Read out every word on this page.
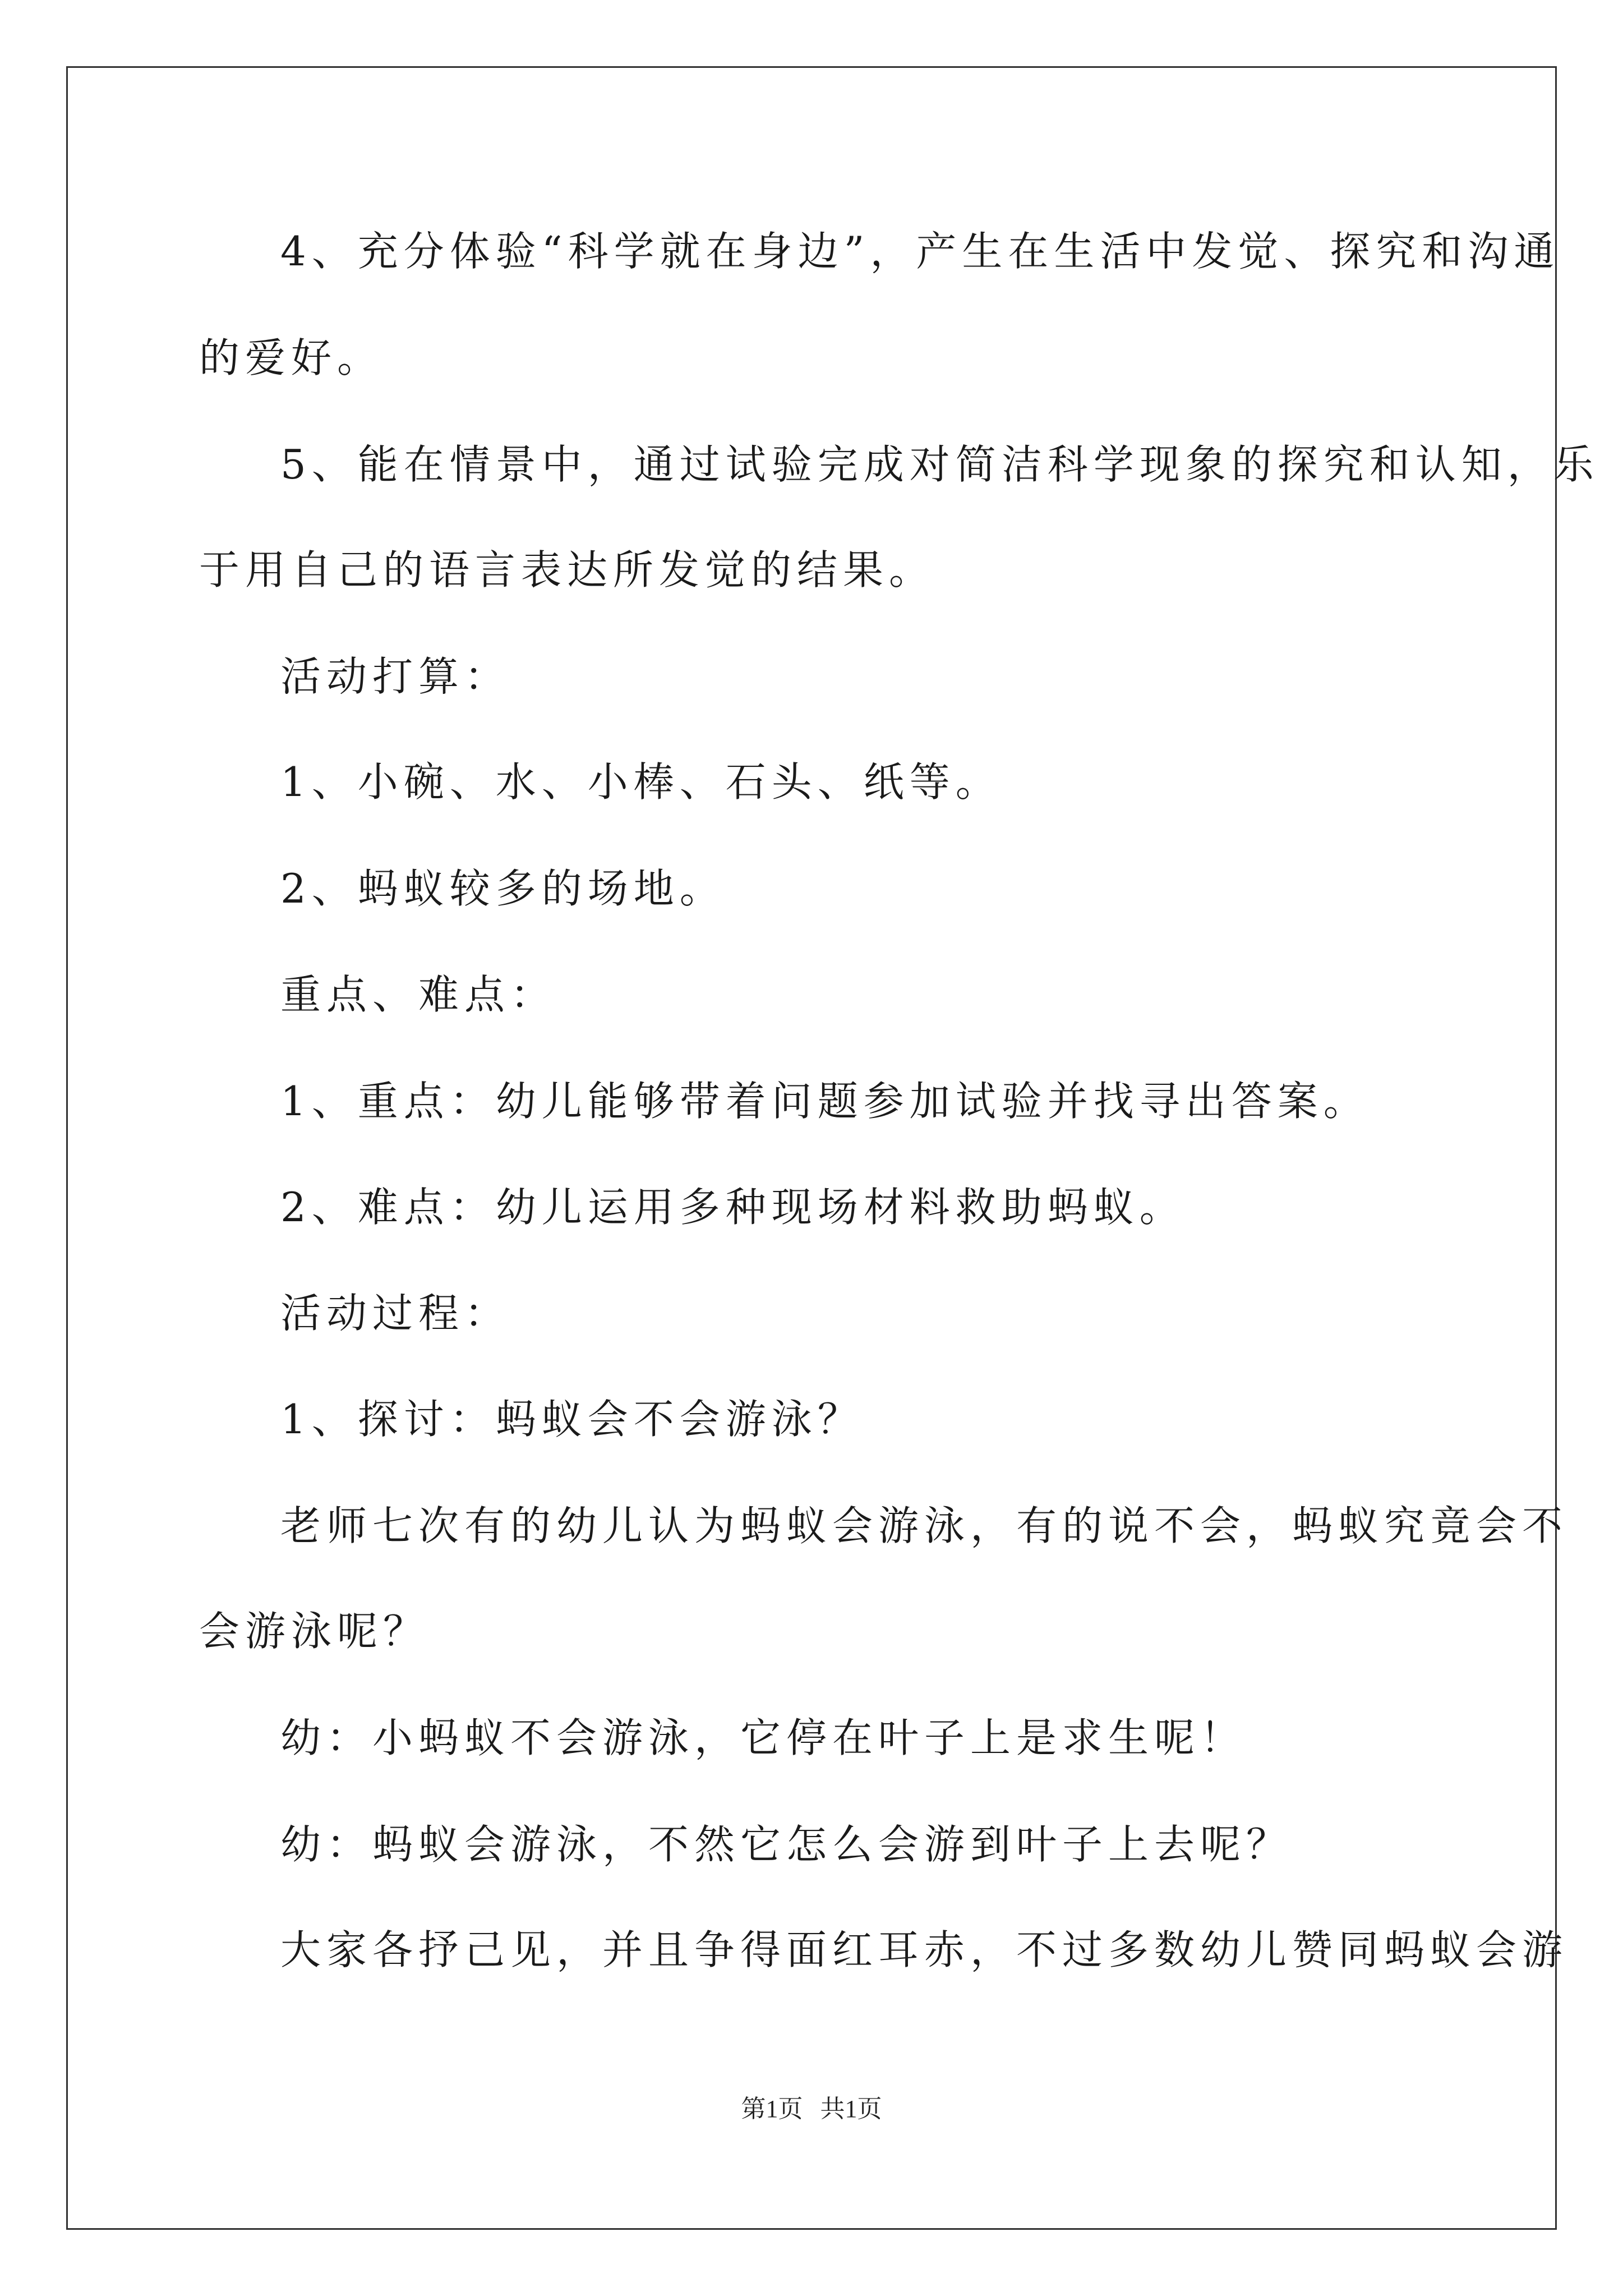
4、充分体验“科学就在身边”，产生在生活中发觉、探究和沟通
的爱好。
5、能在情景中，通过试验完成对简洁科学现象的探究和认知，乐
于用自己的语言表达所发觉的结果。
活动打算：
1、小碗、水、小棒、石头、纸等。
2、蚂蚁较多的场地。
重点、难点：
1、重点：幼儿能够带着问题参加试验并找寻出答案。
2、难点：幼儿运用多种现场材料救助蚂蚁。
活动过程：
1、探讨：蚂蚁会不会游泳？
老师七次有的幼儿认为蚂蚁会游泳，有的说不会，蚂蚁究竟会不
会游泳呢？
幼：小蚂蚁不会游泳，它停在叶子上是求生呢！
幼：蚂蚁会游泳，不然它怎么会游到叶子上去呢？
大家各抒己见，并且争得面红耳赤，不过多数幼儿赞同蚂蚁会游
第1页 共1页
